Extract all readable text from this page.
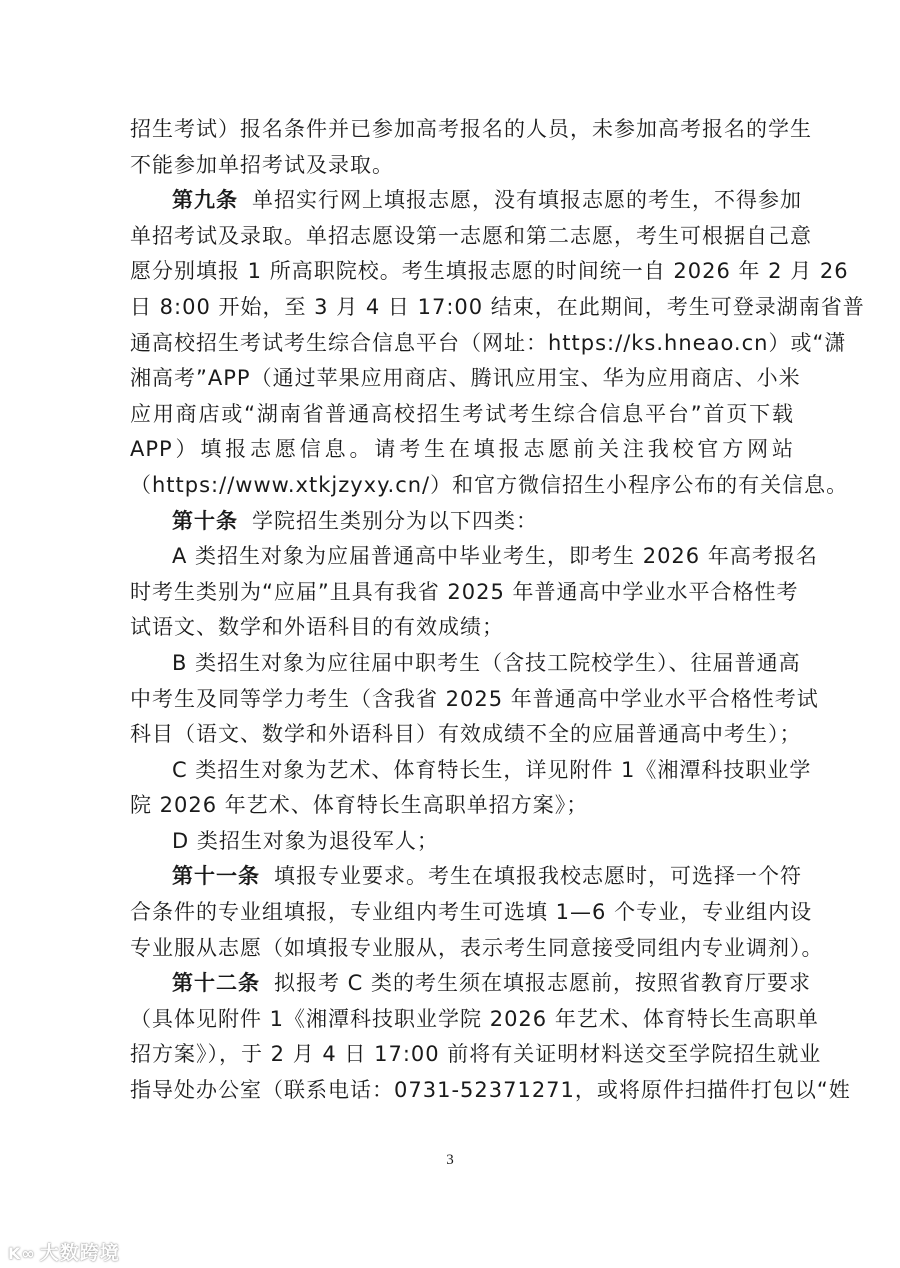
招生考试）报名条件并已参加高考报名的人员，未参加高考报名的学生
不能参加单招考试及录取。
第九条 单招实行网上填报志愿，没有填报志愿的考生，不得参加
单招考试及录取。单招志愿设第一志愿和第二志愿，考生可根据自己意
愿分别填报 1 所高职院校。考生填报志愿的时间统一自 2026 年 2 月 26
日 8:00 开始，至 3 月 4 日 17:00 结束，在此期间，考生可登录湖南省普
通高校招生考试考生综合信息平台（网址：https://ks.hneao.cn）或“潇
湘高考”APP（通过苹果应用商店、腾讯应用宝、华为应用商店、小米
应用商店或“湖南省普通高校招生考试考生综合信息平台”首页下载
APP）填报志愿信息。请考生在填报志愿前关注我校官方网站
（https://www.xtkjzyxy.cn/）和官方微信招生小程序公布的有关信息。
第十条 学院招生类别分为以下四类：
A 类招生对象为应届普通高中毕业考生，即考生 2026 年高考报名
时考生类别为“应届”且具有我省 2025 年普通高中学业水平合格性考
试语文、数学和外语科目的有效成绩；
B 类招生对象为应往届中职考生（含技工院校学生）、往届普通高
中考生及同等学力考生（含我省 2025 年普通高中学业水平合格性考试
科目（语文、数学和外语科目）有效成绩不全的应届普通高中考生）；
C 类招生对象为艺术、体育特长生，详见附件 1《湘潭科技职业学
院 2026 年艺术、体育特长生高职单招方案》；
D 类招生对象为退役军人；
第十一条 填报专业要求。考生在填报我校志愿时，可选择一个符
合条件的专业组填报，专业组内考生可选填 1—6 个专业，专业组内设
专业服从志愿（如填报专业服从，表示考生同意接受同组内专业调剂）。
第十二条 拟报考 C 类的考生须在填报志愿前，按照省教育厅要求
（具体见附件 1《湘潭科技职业学院 2026 年艺术、体育特长生高职单
招方案》），于 2 月 4 日 17:00 前将有关证明材料送交至学院招生就业
指导处办公室（联系电话：0731-52371271，或将原件扫描件打包以“姓
3
K∞ 大数跨境
